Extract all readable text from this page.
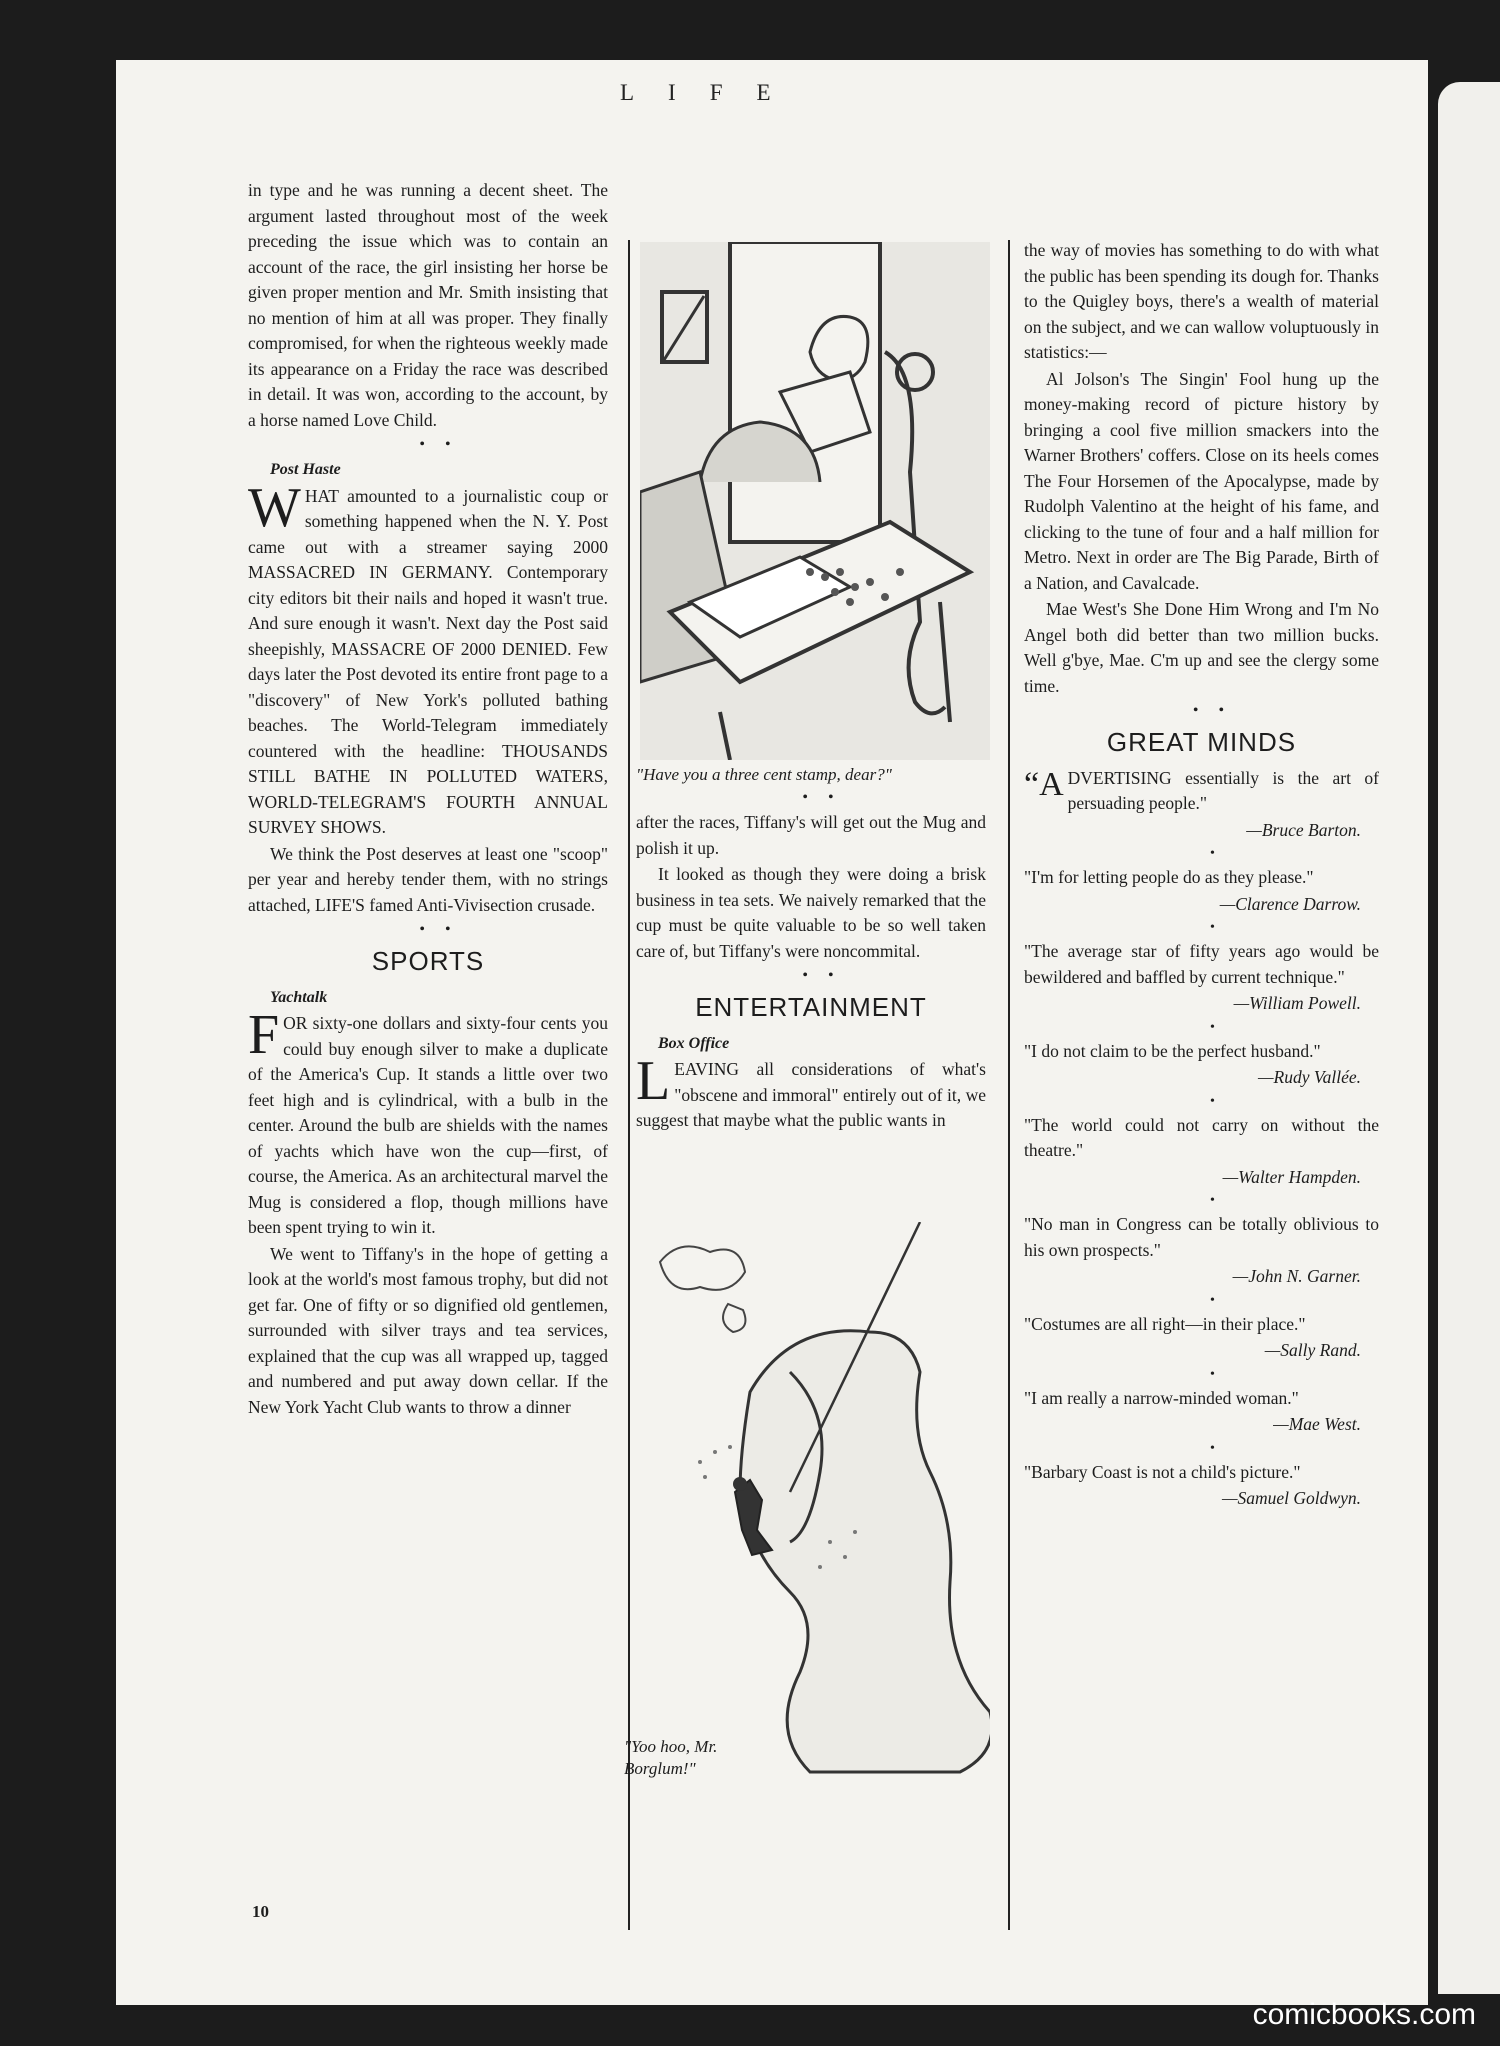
LIFE

in type and he was running a decent sheet. The argument lasted throughout most of the week preceding the issue which was to contain an account of the race, the girl insisting her horse be given proper mention and Mr. Smith insisting that no mention of him at all was proper. They finally compromised, for when the righteous weekly made its appearance on a Friday the race was described in detail. It was won, according to the account, by a horse named Love Child.

• •

Post Haste

WHAT amounted to a journalistic coup or something happened when the N. Y. Post came out with a streamer saying 2000 MASSACRED IN GERMANY. Contemporary city editors bit their nails and hoped it wasn't true. And sure enough it wasn't. Next day the Post said sheepishly, MASSACRE OF 2000 DENIED. Few days later the Post devoted its entire front page to a "discovery" of New York's polluted bathing beaches. The World-Telegram immediately countered with the headline: THOUSANDS STILL BATHE IN POLLUTED WATERS, WORLD-TELEGRAM'S FOURTH ANNUAL SURVEY SHOWS.

We think the Post deserves at least one "scoop" per year and hereby tender them, with no strings attached, LIFE'S famed Anti-Vivisection crusade.

• •

SPORTS

Yachtalk

FOR sixty-one dollars and sixty-four cents you could buy enough silver to make a duplicate of the America's Cup. It stands a little over two feet high and is cylindrical, with a bulb in the center. Around the bulb are shields with the names of yachts which have won the cup—first, of course, the America. As an architectural marvel the Mug is considered a flop, though millions have been spent trying to win it.

We went to Tiffany's in the hope of getting a look at the world's most famous trophy, but did not get far. One of fifty or so dignified old gentlemen, surrounded with silver trays and tea services, explained that the cup was all wrapped up, tagged and numbered and put away down cellar. If the New York Yacht Club wants to throw a dinner

"Have you a three cent stamp, dear?"

• •

after the races, Tiffany's will get out the Mug and polish it up.

It looked as though they were doing a brisk business in tea sets. We naively remarked that the cup must be quite valuable to be so well taken care of, but Tiffany's were noncommital.

• •

ENTERTAINMENT

Box Office

LEAVING all considerations of what's "obscene and immoral" entirely out of it, we suggest that maybe what the public wants in

"Yoo hoo, Mr. Borglum!"

the way of movies has something to do with what the public has been spending its dough for. Thanks to the Quigley boys, there's a wealth of material on the subject, and we can wallow voluptuously in statistics:—

Al Jolson's The Singin' Fool hung up the money-making record of picture history by bringing a cool five million smackers into the Warner Brothers' coffers. Close on its heels comes The Four Horsemen of the Apocalypse, made by Rudolph Valentino at the height of his fame, and clicking to the tune of four and a half million for Metro. Next in order are The Big Parade, Birth of a Nation, and Cavalcade.

Mae West's She Done Him Wrong and I'm No Angel both did better than two million bucks. Well g'bye, Mae. C'm up and see the clergy some time.

• •

GREAT MINDS

“ADVERTISING essentially is the art of persuading people."

—Bruce Barton.

•

"I'm for letting people do as they please."

—Clarence Darrow.

•

"The average star of fifty years ago would be bewildered and baffled by current technique."

—William Powell.

•

"I do not claim to be the perfect husband."

—Rudy Vallée.

•

"The world could not carry on without the theatre."

—Walter Hampden.

•

"No man in Congress can be totally oblivious to his own prospects."

—John N. Garner.

•

"Costumes are all right—in their place."

—Sally Rand.

•

"I am really a narrow-minded woman."

—Mae West.

•

"Barbary Coast is not a child's picture."

—Samuel Goldwyn.

10
comicbooks.com
